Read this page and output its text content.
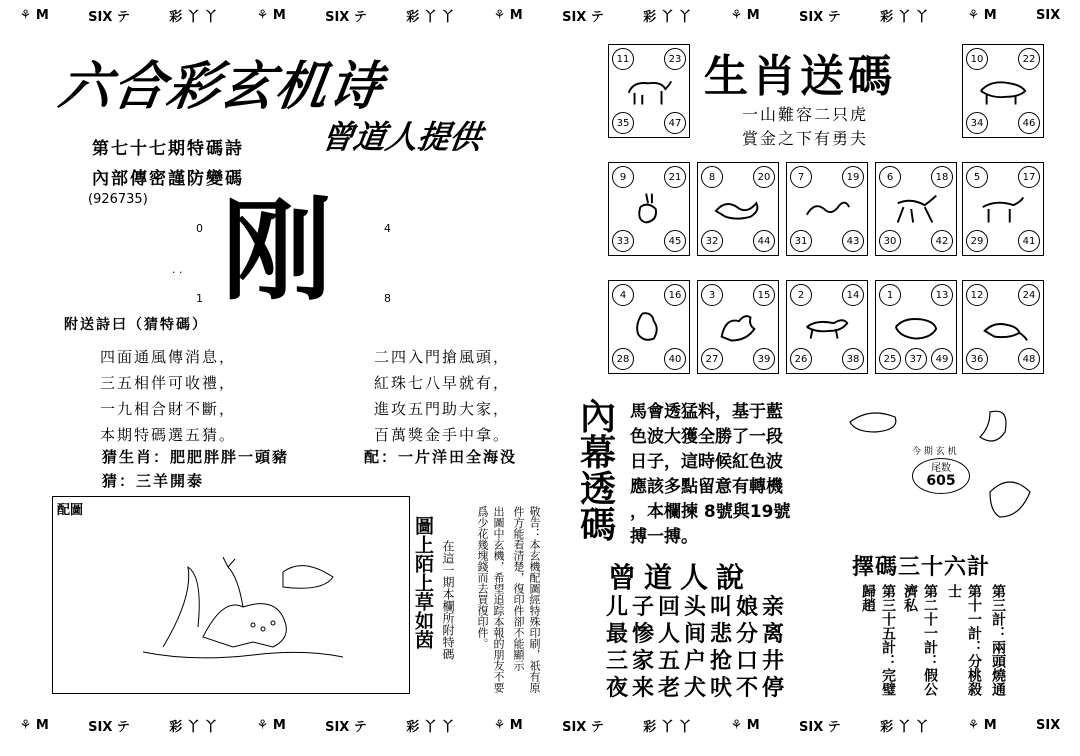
⚘ M	SIX テ	彩 丫 丫	⚘ M	SIX テ	彩 丫 丫	⚘ M	SIX テ	彩 丫 丫	⚘ M	SIX テ	彩 丫 丫	⚘ M	SIX
六合彩玄机诗
曾道人提供
第七十七期特碼詩
內部傳密謹防變碼
(926735)
0	4
1	8
· · 刚
附送詩曰（猜特碼）
四面通風傳消息，
三五相伴可收禮，
一九相合財不斷，
本期特碼選五猜。
二四入門搶風頭，
紅珠七八早就有，
進攻五門助大家，
百萬獎金手中拿。
猜生肖：肥肥胖胖一頭豬	配：一片洋田全海没
猜：三羊開泰
配圖
圖上陌上草如茵 在這一期本欄所附特碼	出圖中玄機，希望追踪本報的朋友不要爲少花幾塊錢而去買復印件。	敬告：本玄機配圖經特殊印刷，祇有原件方能看清楚，復印件卻不能顯示
生肖送碼
一山難容二只虎
賞金之下有勇夫
11	23
35	47
10	22
34	46
9	21
33	45
8	20
32	44
7	19
31	43
6	18
30	42
5	17
29	41
4	16
28	40
3	15
27	39
2	14
26	38
1	13
25	37	49
12	24
36	48
內幕透碼
馬會透猛料，基于藍
色波大獲全勝了一段
日子，這時候紅色波
應該多點留意有轉機
，本欄揀 8號與19號
搏一搏。
今 期 玄 机
尾数
605
曾道人說
儿子回头叫娘亲
最惨人间悲分离
三家五户抢口井
夜来老犬吠不停
擇碼三十六計
第三計：兩頭燒通
第十一計：分桃殺士
第二十一計：假公濟私
第三十五計：完璧歸趙
⚘ M	SIX テ	彩 丫 丫	⚘ M	SIX テ	彩 丫 丫	⚘ M	SIX テ	彩 丫 丫	⚘ M	SIX テ	彩 丫 丫	⚘ M	SIX
